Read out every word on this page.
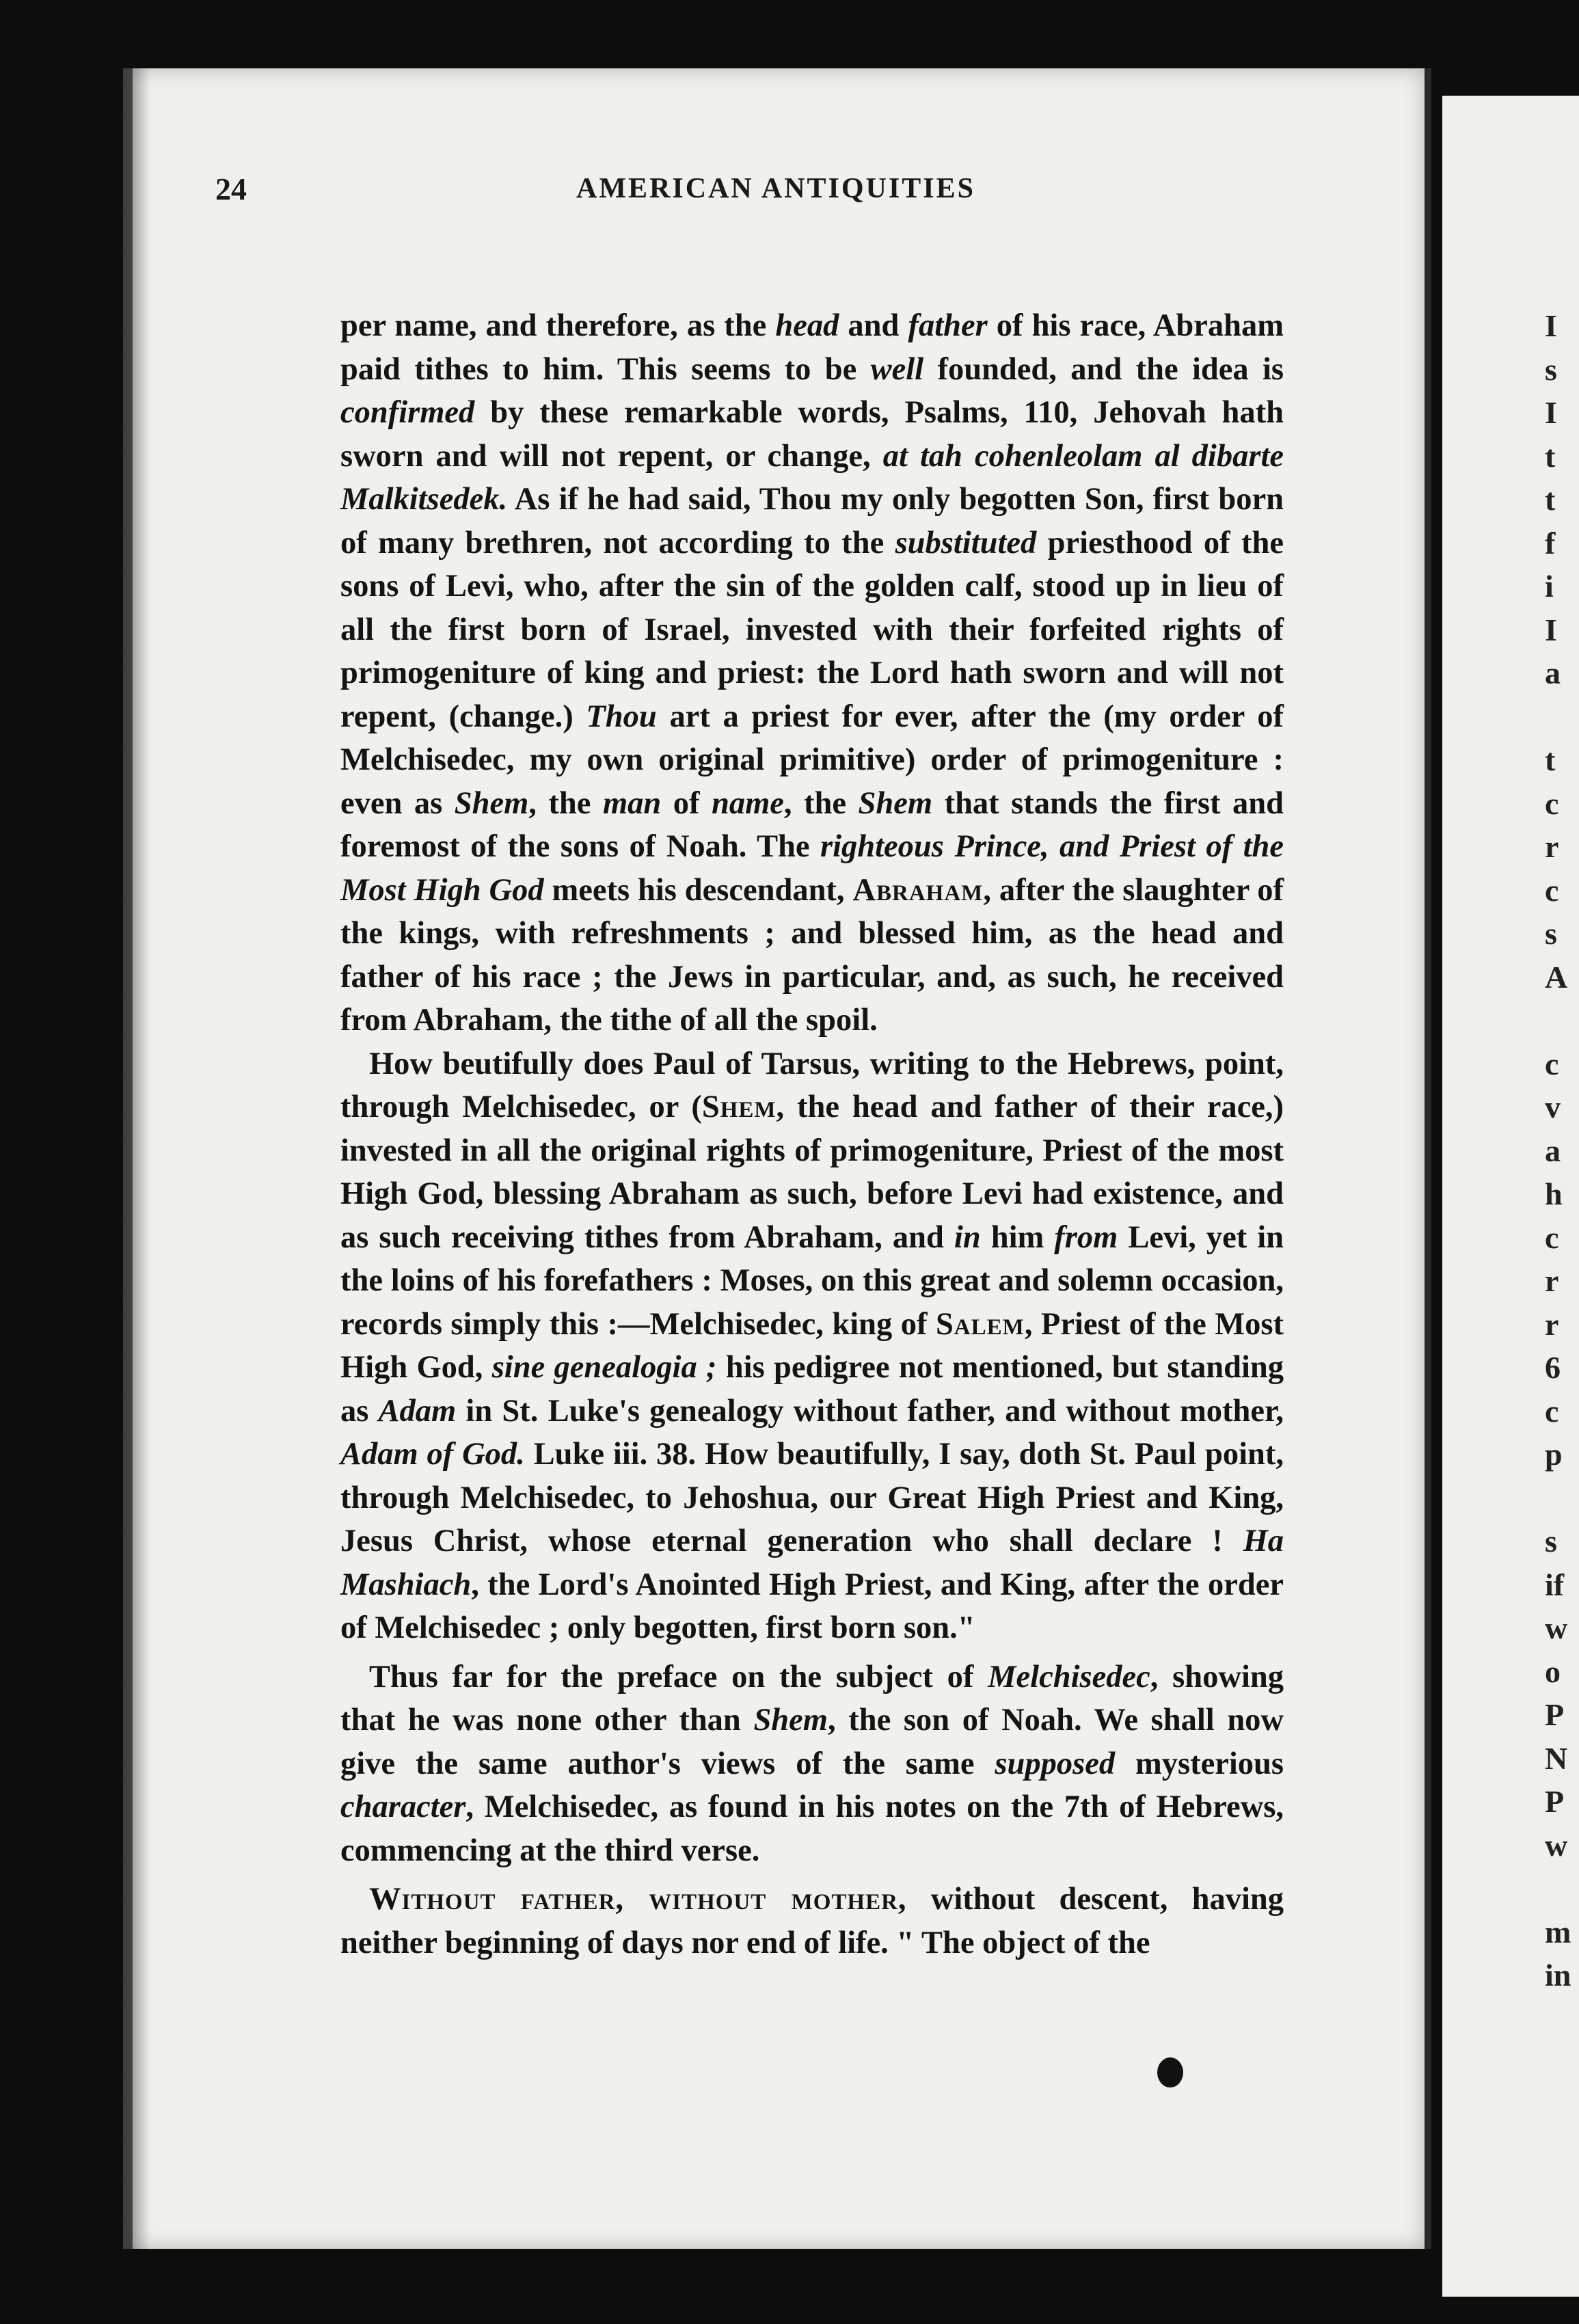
24	AMERICAN ANTIQUITIES

per name, and therefore, as the head and father of his race, Abraham paid tithes to him. This seems to be well founded, and the idea is confirmed by these remarkable words, Psalms, 110, Jehovah hath sworn and will not repent, or change, at tah cohenleolam al dibarte Malkitsedek. As if he had said, Thou my only begotten Son, first born of many brethren, not according to the substituted priesthood of the sons of Levi, who, after the sin of the golden calf, stood up in lieu of all the first born of Israel, invested with their forfeited rights of primogeniture of king and priest: the Lord hath sworn and will not repent, (change.) Thou art a priest for ever, after the (my order of Melchisedec, my own original primitive) order of primogeniture : even as Shem, the man of name, the Shem that stands the first and foremost of the sons of Noah. The righteous Prince, and Priest of the Most High God meets his descendant, Abraham, after the slaughter of the kings, with refreshments ; and blessed him, as the head and father of his race ; the Jews in particular, and, as such, he received from Abraham, the tithe of all the spoil.

How beutifully does Paul of Tarsus, writing to the Hebrews, point, through Melchisedec, or (Shem, the head and father of their race,) invested in all the original rights of primogeniture, Priest of the most High God, blessing Abraham as such, before Levi had existence, and as such receiving tithes from Abraham, and in him from Levi, yet in the loins of his forefathers : Moses, on this great and solemn occasion, records simply this :—Melchisedec, king of Salem, Priest of the Most High God, sine genealogia ; his pedigree not mentioned, but standing as Adam in St. Luke's genealogy without father, and without mother, Adam of God. Luke iii. 38. How beautifully, I say, doth St. Paul point, through Melchisedec, to Jehoshua, our Great High Priest and King, Jesus Christ, whose eternal generation who shall declare ! Ha Mashiach, the Lord's Anointed High Priest, and King, after the order of Melchisedec ; only begotten, first born son."

Thus far for the preface on the subject of Melchisedec, showing that he was none other than Shem, the son of Noah. We shall now give the same author's views of the same supposed mysterious character, Melchisedec, as found in his notes on the 7th of Hebrews, commencing at the third verse.

Without father, without mother, without descent, having neither beginning of days nor end of life. " The object of the

I
s
I
t
t
f
i
I
a
t
c
r
c
s
A
c
v
a
h
c
r
r
6
c
p
s
if
w
o
P
N
P
w
m
in
